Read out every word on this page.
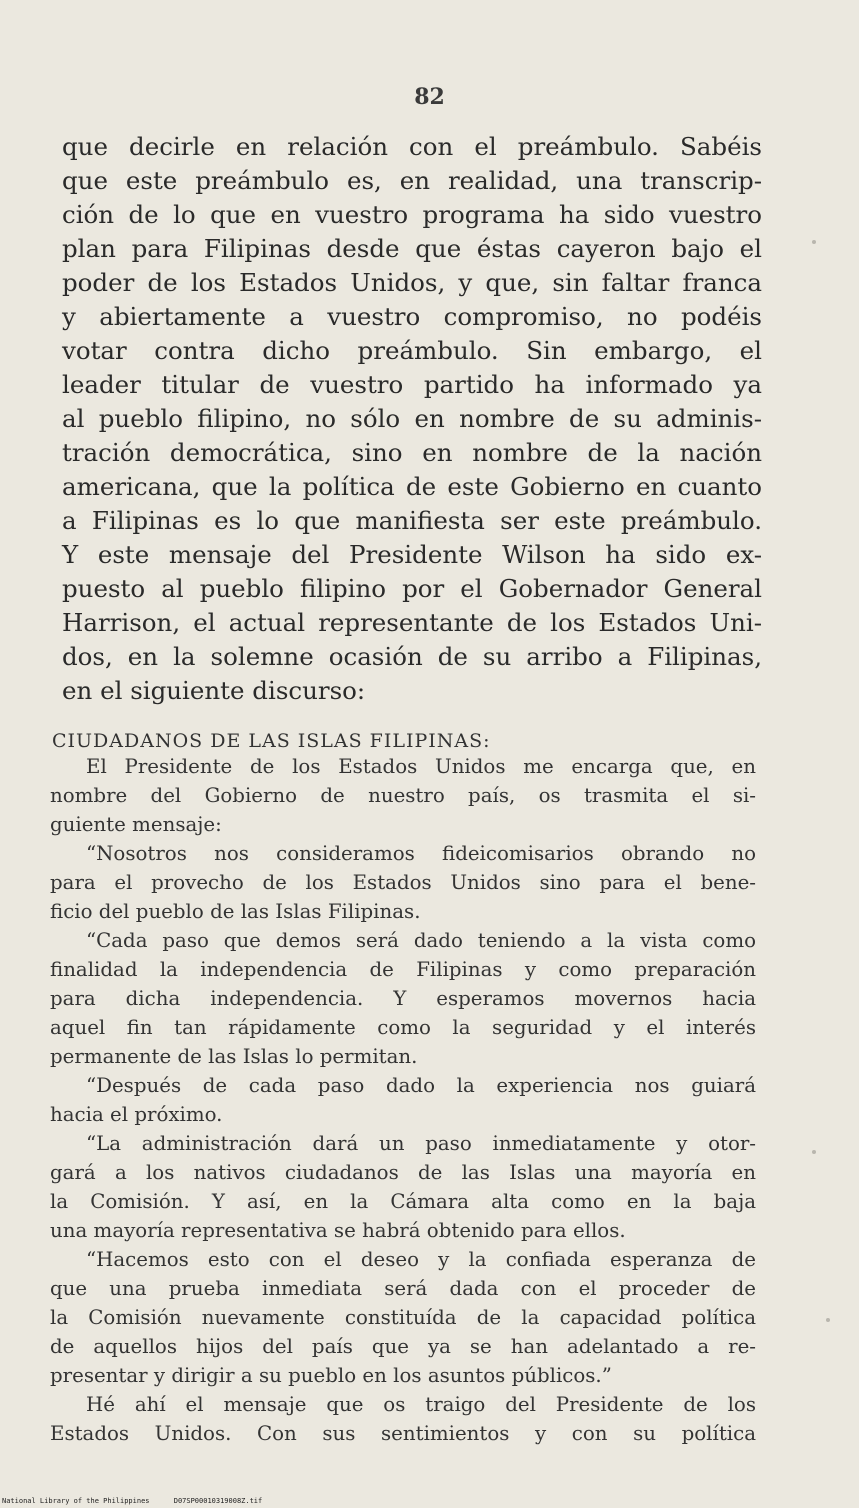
82
que decirle en relación con el preámbulo. Sabéis
que este preámbulo es, en realidad, una transcrip-
ción de lo que en vuestro programa ha sido vuestro
plan para Filipinas desde que éstas cayeron bajo el
poder de los Estados Unidos, y que, sin faltar franca
y abiertamente a vuestro compromiso, no podéis
votar contra dicho preámbulo. Sin embargo, el
leader titular de vuestro partido ha informado ya
al pueblo filipino, no sólo en nombre de su adminis-
tración democrática, sino en nombre de la nación
americana, que la política de este Gobierno en cuanto
a Filipinas es lo que manifiesta ser este preámbulo.
Y este mensaje del Presidente Wilson ha sido ex-
puesto al pueblo filipino por el Gobernador General
Harrison, el actual representante de los Estados Uni-
dos, en la solemne ocasión de su arribo a Filipinas,
en el siguiente discurso:
CIUDADANOS DE LAS ISLAS FILIPINAS:
El Presidente de los Estados Unidos me encarga que, en
nombre del Gobierno de nuestro país, os trasmita el si-
guiente mensaje:
“Nosotros nos consideramos fideicomisarios obrando no
para el provecho de los Estados Unidos sino para el bene-
ficio del pueblo de las Islas Filipinas.
“Cada paso que demos será dado teniendo a la vista como
finalidad la independencia de Filipinas y como preparación
para dicha independencia. Y esperamos movernos hacia
aquel fin tan rápidamente como la seguridad y el interés
permanente de las Islas lo permitan.
“Después de cada paso dado la experiencia nos guiará
hacia el próximo.
“La administración dará un paso inmediatamente y otor-
gará a los nativos ciudadanos de las Islas una mayoría en
la Comisión. Y así, en la Cámara alta como en la baja
una mayoría representativa se habrá obtenido para ellos.
“Hacemos esto con el deseo y la confiada esperanza de
que una prueba inmediata será dada con el proceder de
la Comisión nuevamente constituída de la capacidad política
de aquellos hijos del país que ya se han adelantado a re-
presentar y dirigir a su pueblo en los asuntos públicos.”
Hé ahí el mensaje que os traigo del Presidente de los
Estados Unidos. Con sus sentimientos y con su política
National Library of the Philippines	D07SP00010319008Z.tif
